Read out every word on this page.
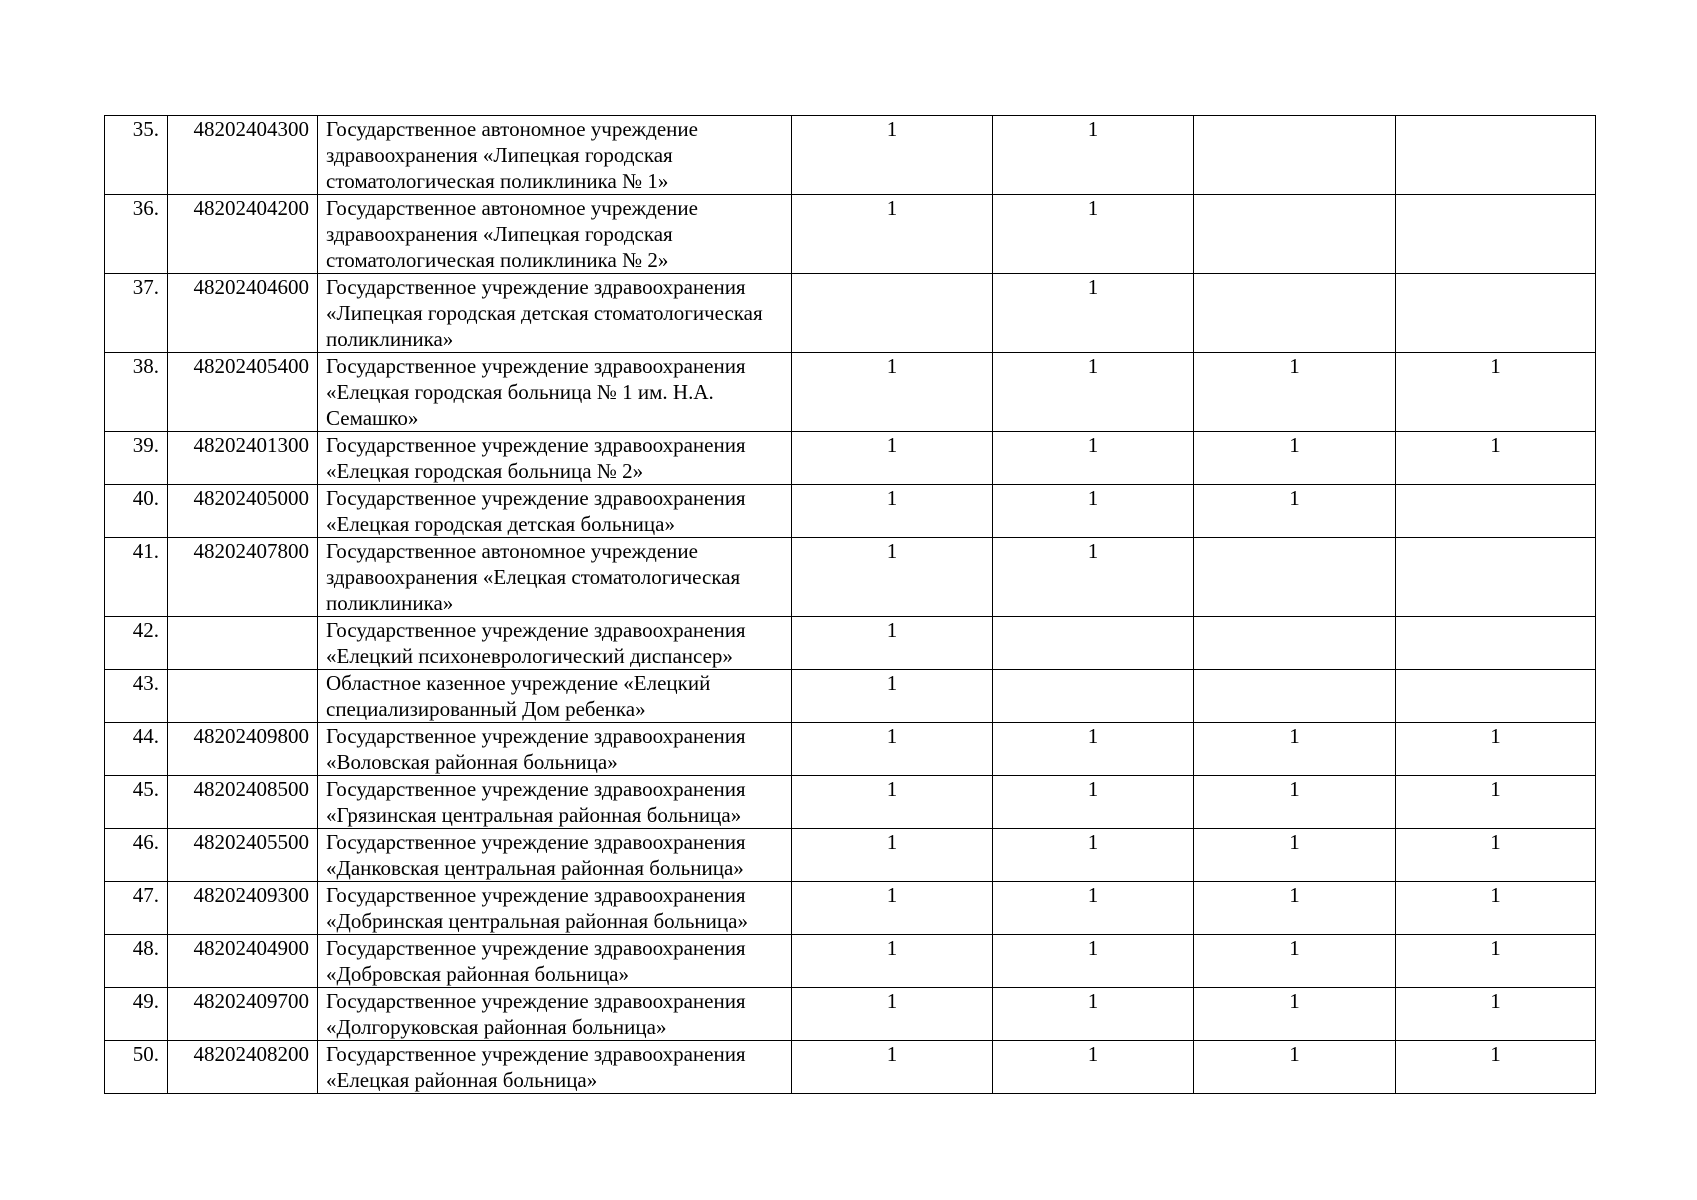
35.	48202404300	Государственное автономное учреждение здравоохранения «Липецкая городская стоматологическая поликлиника № 1»	1	1		
36.	48202404200	Государственное автономное учреждение здравоохранения «Липецкая городская стоматологическая поликлиника № 2»	1	1		
37.	48202404600	Государственное учреждение здравоохранения «Липецкая городская детская стоматологическая поликлиника»		1		
38.	48202405400	Государственное учреждение здравоохранения «Елецкая городская больница № 1 им. Н.А. Семашко»	1	1	1	1
39.	48202401300	Государственное учреждение здравоохранения «Елецкая городская больница № 2»	1	1	1	1
40.	48202405000	Государственное учреждение здравоохранения «Елецкая городская детская больница»	1	1	1	
41.	48202407800	Государственное автономное учреждение здравоохранения «Елецкая стоматологическая поликлиника»	1	1		
42.		Государственное учреждение здравоохранения «Елецкий психоневрологический диспансер»	1			
43.		Областное казенное учреждение «Елецкий специализированный Дом ребенка»	1			
44.	48202409800	Государственное учреждение здравоохранения «Воловская районная больница»	1	1	1	1
45.	48202408500	Государственное учреждение здравоохранения «Грязинская центральная районная больница»	1	1	1	1
46.	48202405500	Государственное учреждение здравоохранения «Данковская центральная районная больница»	1	1	1	1
47.	48202409300	Государственное учреждение здравоохранения «Добринская центральная районная больница»	1	1	1	1
48.	48202404900	Государственное учреждение здравоохранения «Добровская районная больница»	1	1	1	1
49.	48202409700	Государственное учреждение здравоохранения «Долгоруковская районная больница»	1	1	1	1
50.	48202408200	Государственное учреждение здравоохранения «Елецкая районная больница»	1	1	1	1
